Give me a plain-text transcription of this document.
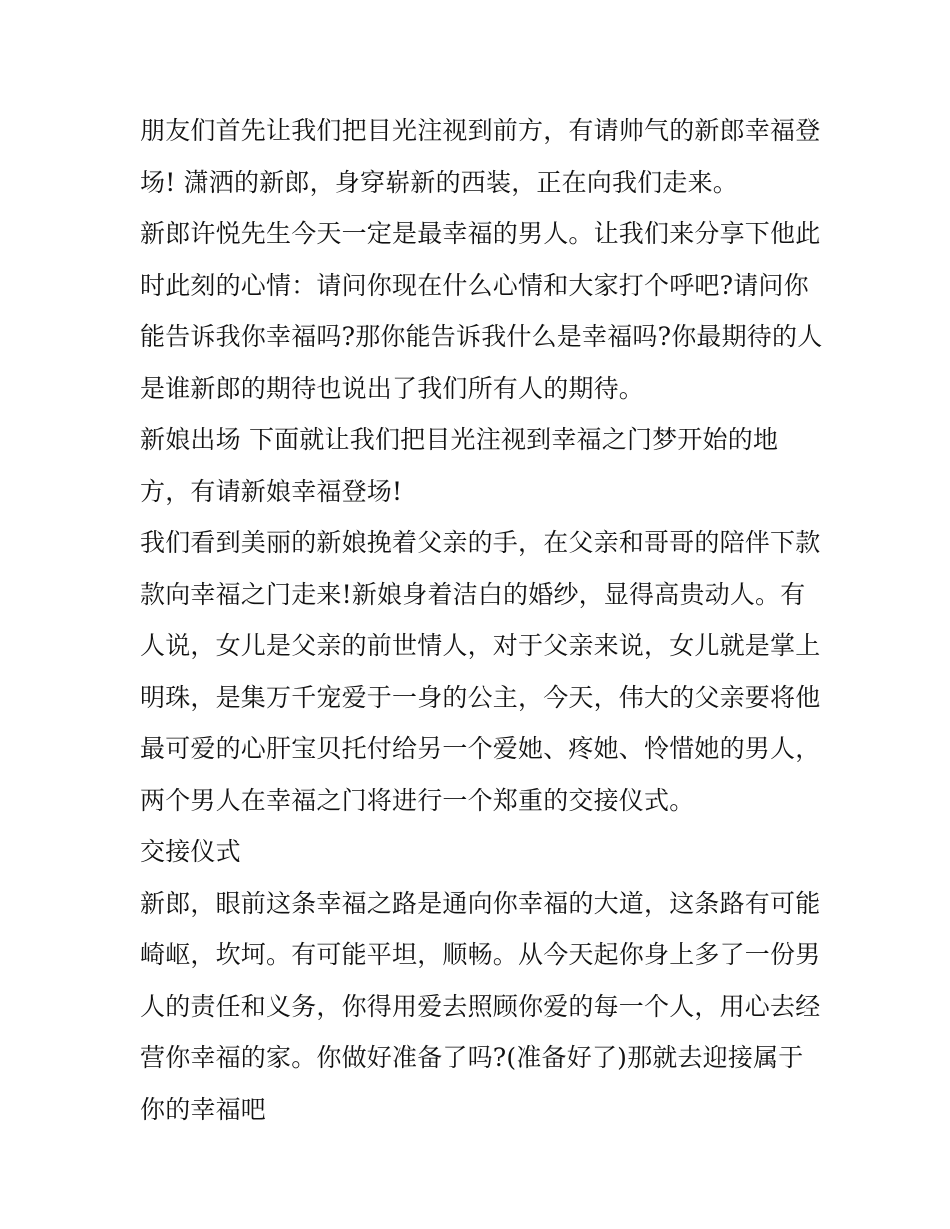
朋友们首先让我们把目光注视到前方，有请帅气的新郎幸福登
场! 潇洒的新郎，身穿崭新的西装，正在向我们走来。
新郎许悦先生今天一定是最幸福的男人。让我们来分享下他此
时此刻的心情：请问你现在什么心情和大家打个呼吧?请问你
能告诉我你幸福吗?那你能告诉我什么是幸福吗?你最期待的人
是谁新郎的期待也说出了我们所有人的期待。
新娘出场 下面就让我们把目光注视到幸福之门梦开始的地
方，有请新娘幸福登场!
我们看到美丽的新娘挽着父亲的手，在父亲和哥哥的陪伴下款
款向幸福之门走来!新娘身着洁白的婚纱，显得高贵动人。有
人说，女儿是父亲的前世情人，对于父亲来说，女儿就是掌上
明珠，是集万千宠爱于一身的公主，今天，伟大的父亲要将他
最可爱的心肝宝贝托付给另一个爱她、疼她、怜惜她的男人，
两个男人在幸福之门将进行一个郑重的交接仪式。
交接仪式
新郎，眼前这条幸福之路是通向你幸福的大道，这条路有可能
崎岖，坎坷。有可能平坦，顺畅。从今天起你身上多了一份男
人的责任和义务，你得用爱去照顾你爱的每一个人，用心去经
营你幸福的家。你做好准备了吗?(准备好了)那就去迎接属于
你的幸福吧
